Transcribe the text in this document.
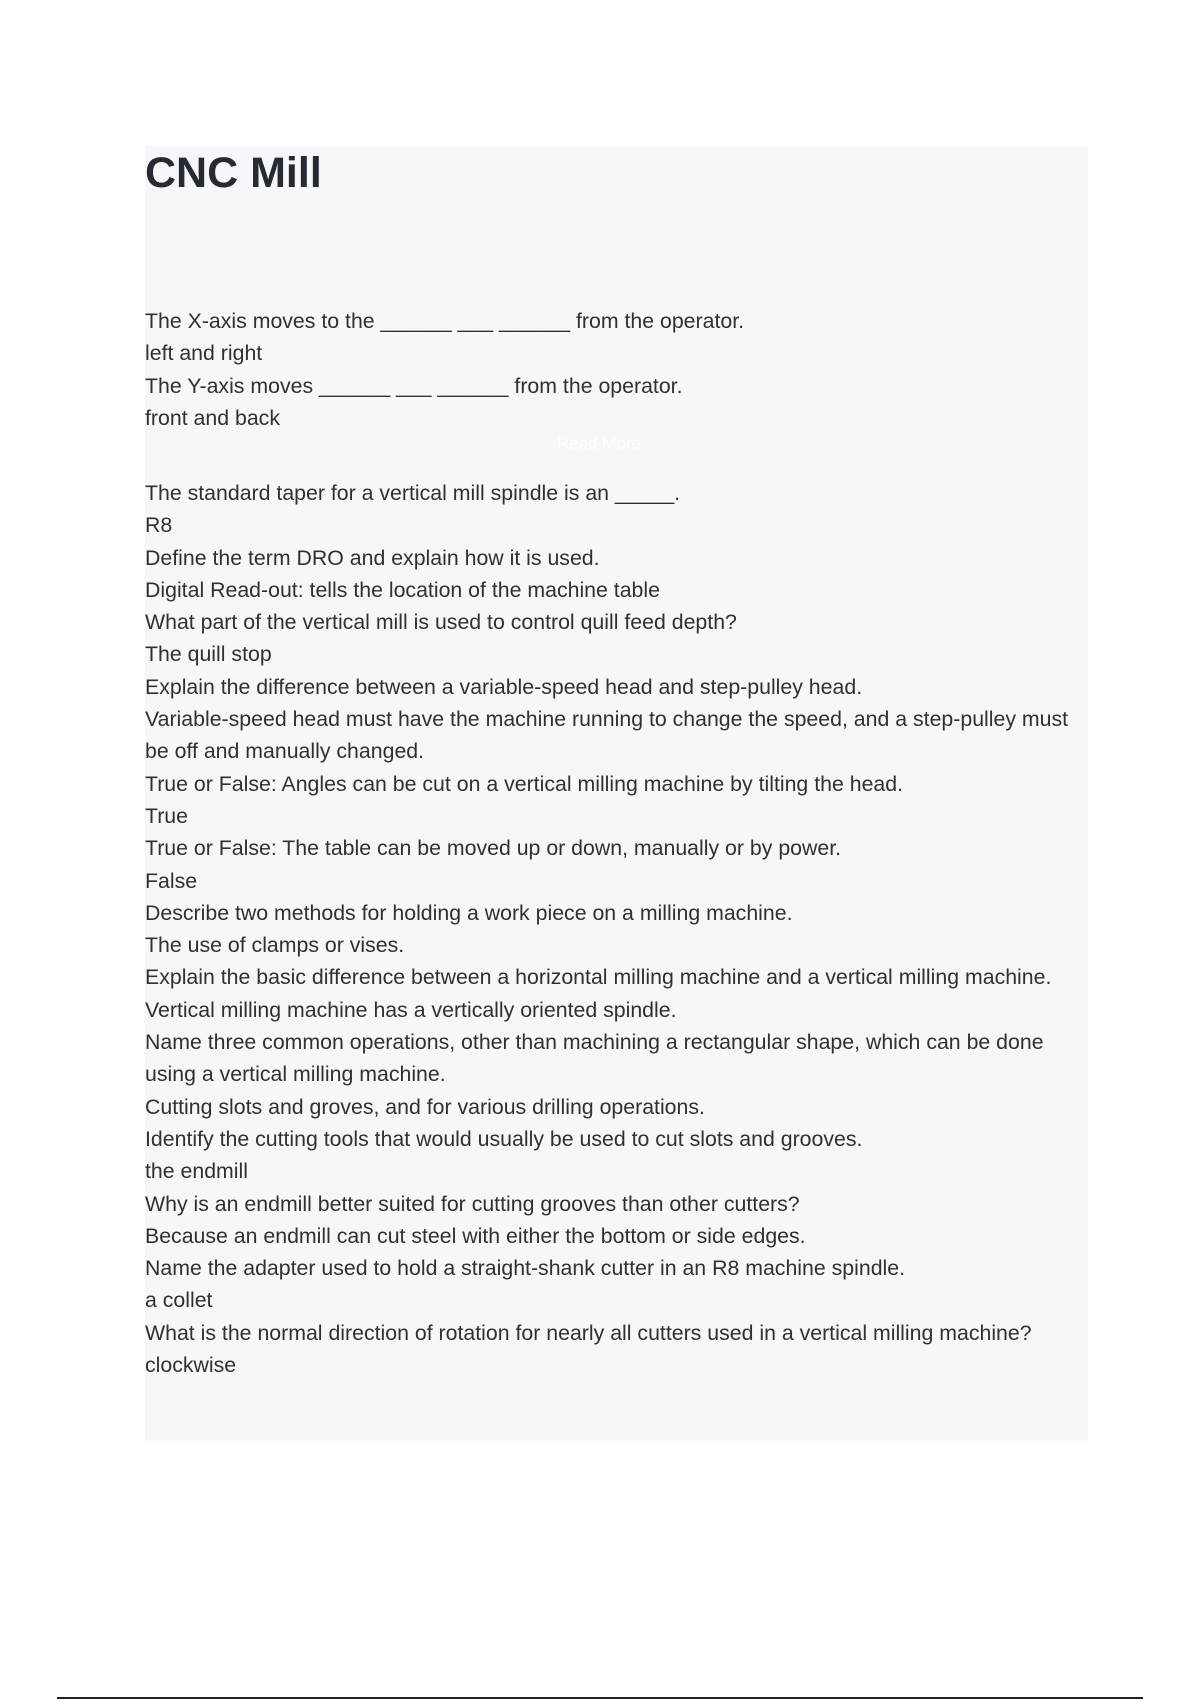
CNC Mill
The X-axis moves to the ______ ___ ______ from the operator.
left and right
The Y-axis moves ______ ___ ______ from the operator.
front and back
Read More
The standard taper for a vertical mill spindle is an _____.
R8
Define the term DRO and explain how it is used.
Digital Read-out: tells the location of the machine table
What part of the vertical mill is used to control quill feed depth?
The quill stop
Explain the difference between a variable-speed head and step-pulley head.
Variable-speed head must have the machine running to change the speed, and a step-pulley must be off and manually changed.
True or False: Angles can be cut on a vertical milling machine by tilting the head.
True
True or False: The table can be moved up or down, manually or by power.
False
Describe two methods for holding a work piece on a milling machine.
The use of clamps or vises.
Explain the basic difference between a horizontal milling machine and a vertical milling machine.
Vertical milling machine has a vertically oriented spindle.
Name three common operations, other than machining a rectangular shape, which can be done using a vertical milling machine.
Cutting slots and groves, and for various drilling operations.
Identify the cutting tools that would usually be used to cut slots and grooves.
the endmill
Why is an endmill better suited for cutting grooves than other cutters?
Because an endmill can cut steel with either the bottom or side edges.
Name the adapter used to hold a straight-shank cutter in an R8 machine spindle.
a collet
What is the normal direction of rotation for nearly all cutters used in a vertical milling machine?
clockwise
